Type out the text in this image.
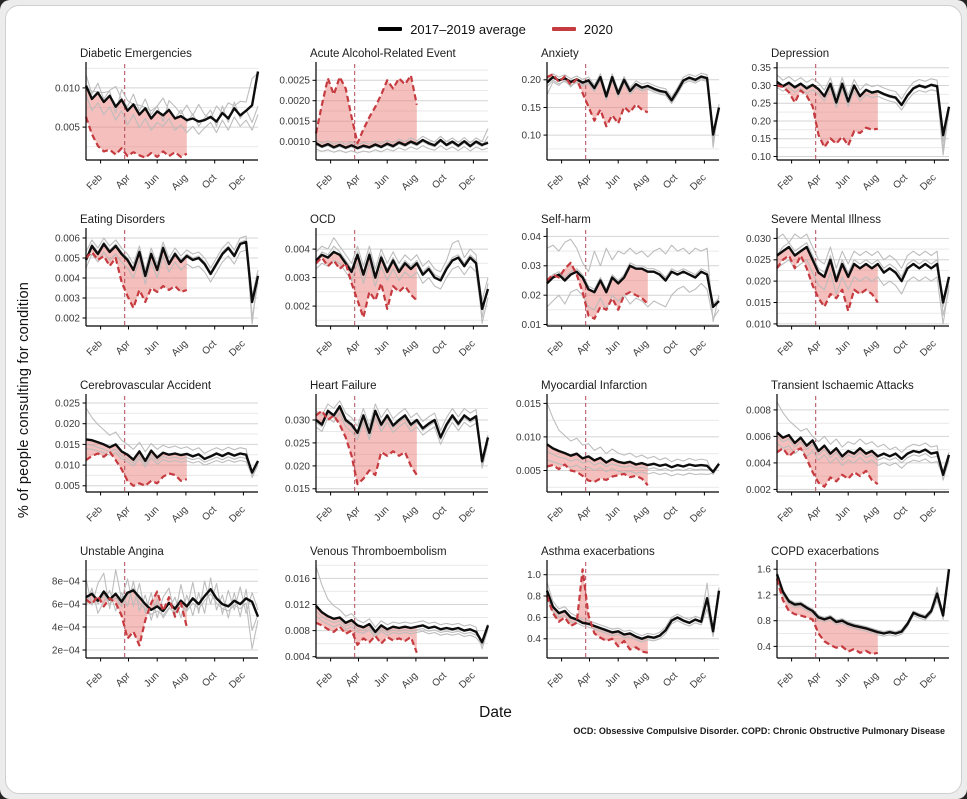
% of people consulting for condition
2017–2019 average	2020
0.005
0.010
Feb Apr Jun Aug Oct Dec
Diabetic Emergencies
0.0010
0.0015
0.0020
0.0025
Feb Apr Jun Aug Oct Dec
Acute Alcohol-Related Event
0.10
0.15
0.20
Feb Apr Jun Aug Oct Dec
Anxiety
0.10
0.15
0.20
0.25
0.30
0.35
Feb Apr Jun Aug Oct Dec
Depression
0.002
0.003
0.004
0.005
0.006
Feb Apr Jun Aug Oct Dec
Eating Disorders
0.002
0.003
0.004
Feb Apr Jun Aug Oct Dec
OCD
0.01
0.02
0.03
0.04
Feb Apr Jun Aug Oct Dec
Self-harm
0.010
0.015
0.020
0.025
0.030
Feb Apr Jun Aug Oct Dec
Severe Mental Illness
0.005
0.010
0.015
0.020
0.025
Feb Apr Jun Aug Oct Dec
Cerebrovascular Accident
0.015
0.020
0.025
0.030
Feb Apr Jun Aug Oct Dec
Heart Failure
0.005
0.010
0.015
Feb Apr Jun Aug Oct Dec
Myocardial Infarction
0.002
0.004
0.006
0.008
Feb Apr Jun Aug Oct Dec
Transient Ischaemic Attacks
2e−04
4e−04
6e−04
8e−04
Feb Apr Jun Aug Oct Dec
Unstable Angina
0.004
0.008
0.012
0.016
Feb Apr Jun Aug Oct Dec
Venous Thromboembolism
0.4
0.6
0.8
1.0
Feb Apr Jun Aug Oct Dec
Asthma exacerbations
0.4
0.8
1.2
1.6
Feb Apr Jun Aug Oct Dec
COPD exacerbations
Date
OCD: Obsessive Compulsive Disorder. COPD: Chronic Obstructive Pulmonary Disease
